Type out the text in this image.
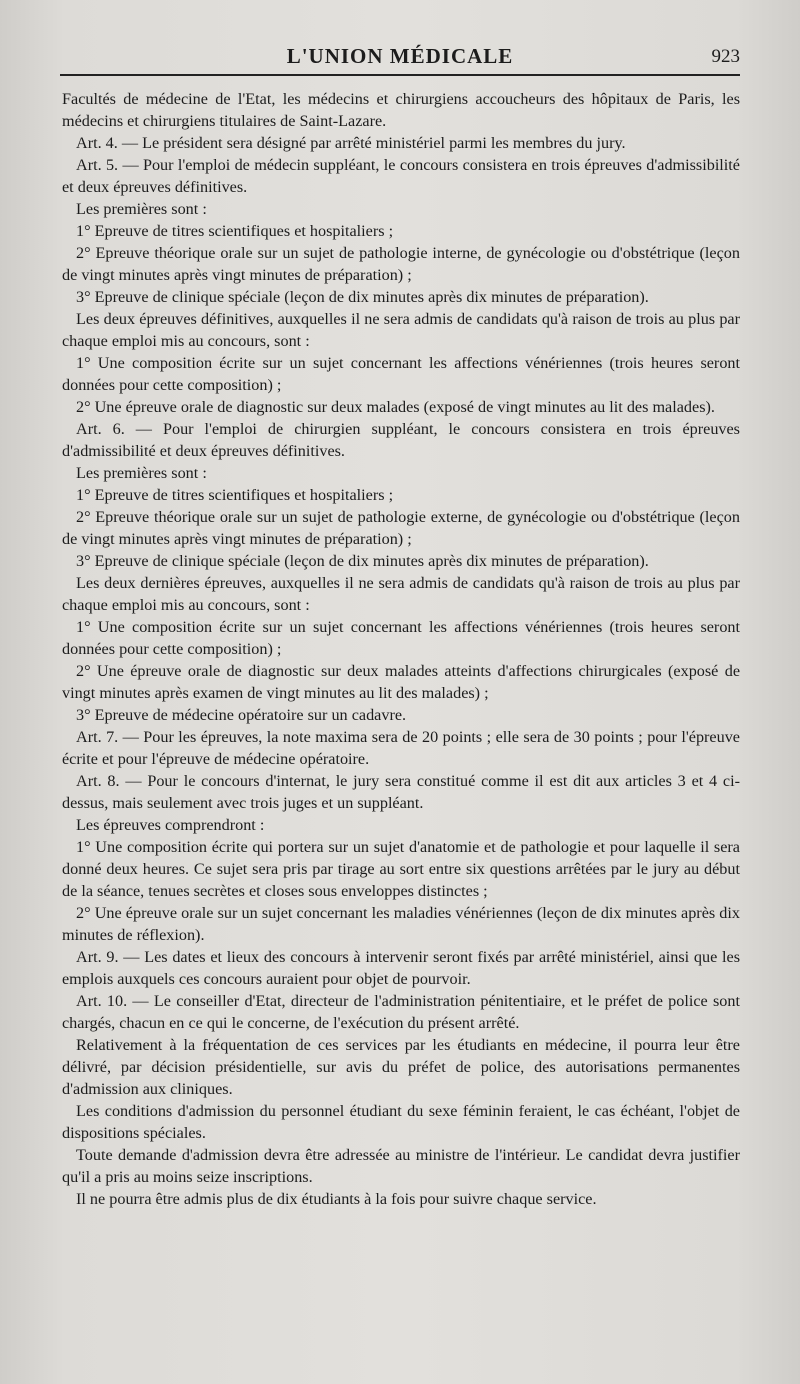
L'UNION MÉDICALE	923

Facultés de médecine de l'Etat, les médecins et chirurgiens accoucheurs des hôpitaux de Paris, les médecins et chirurgiens titulaires de Saint-Lazare.

Art. 4. — Le président sera désigné par arrêté ministériel parmi les membres du jury.

Art. 5. — Pour l'emploi de médecin suppléant, le concours consistera en trois épreuves d'admissibilité et deux épreuves définitives.

Les premières sont :

1° Epreuve de titres scientifiques et hospitaliers ;

2° Epreuve théorique orale sur un sujet de pathologie interne, de gynécologie ou d'obstétrique (leçon de vingt minutes après vingt minutes de préparation) ;

3° Epreuve de clinique spéciale (leçon de dix minutes après dix minutes de préparation).

Les deux épreuves définitives, auxquelles il ne sera admis de candidats qu'à raison de trois au plus par chaque emploi mis au concours, sont :

1° Une composition écrite sur un sujet concernant les affections vénériennes (trois heures seront données pour cette composition) ;

2° Une épreuve orale de diagnostic sur deux malades (exposé de vingt minutes au lit des malades).

Art. 6. — Pour l'emploi de chirurgien suppléant, le concours consistera en trois épreuves d'admissibilité et deux épreuves définitives.

Les premières sont :

1° Epreuve de titres scientifiques et hospitaliers ;

2° Epreuve théorique orale sur un sujet de pathologie externe, de gynécologie ou d'obstétrique (leçon de vingt minutes après vingt minutes de préparation) ;

3° Epreuve de clinique spéciale (leçon de dix minutes après dix minutes de préparation).

Les deux dernières épreuves, auxquelles il ne sera admis de candidats qu'à raison de trois au plus par chaque emploi mis au concours, sont :

1° Une composition écrite sur un sujet concernant les affections vénériennes (trois heures seront données pour cette composition) ;

2° Une épreuve orale de diagnostic sur deux malades atteints d'affections chirurgicales (exposé de vingt minutes après examen de vingt minutes au lit des malades) ;

3° Epreuve de médecine opératoire sur un cadavre.

Art. 7. — Pour les épreuves, la note maxima sera de 20 points ; elle sera de 30 points ; pour l'épreuve écrite et pour l'épreuve de médecine opératoire.

Art. 8. — Pour le concours d'internat, le jury sera constitué comme il est dit aux articles 3 et 4 ci-dessus, mais seulement avec trois juges et un suppléant.

Les épreuves comprendront :

1° Une composition écrite qui portera sur un sujet d'anatomie et de pathologie et pour laquelle il sera donné deux heures. Ce sujet sera pris par tirage au sort entre six questions arrêtées par le jury au début de la séance, tenues secrètes et closes sous enveloppes distinctes ;

2° Une épreuve orale sur un sujet concernant les maladies vénériennes (leçon de dix minutes après dix minutes de réflexion).

Art. 9. — Les dates et lieux des concours à intervenir seront fixés par arrêté ministériel, ainsi que les emplois auxquels ces concours auraient pour objet de pourvoir.

Art. 10. — Le conseiller d'Etat, directeur de l'administration pénitentiaire, et le préfet de police sont chargés, chacun en ce qui le concerne, de l'exécution du présent arrêté.

Relativement à la fréquentation de ces services par les étudiants en médecine, il pourra leur être délivré, par décision présidentielle, sur avis du préfet de police, des autorisations permanentes d'admission aux cliniques.

Les conditions d'admission du personnel étudiant du sexe féminin feraient, le cas échéant, l'objet de dispositions spéciales.

Toute demande d'admission devra être adressée au ministre de l'intérieur. Le candidat devra justifier qu'il a pris au moins seize inscriptions.

Il ne pourra être admis plus de dix étudiants à la fois pour suivre chaque service.
